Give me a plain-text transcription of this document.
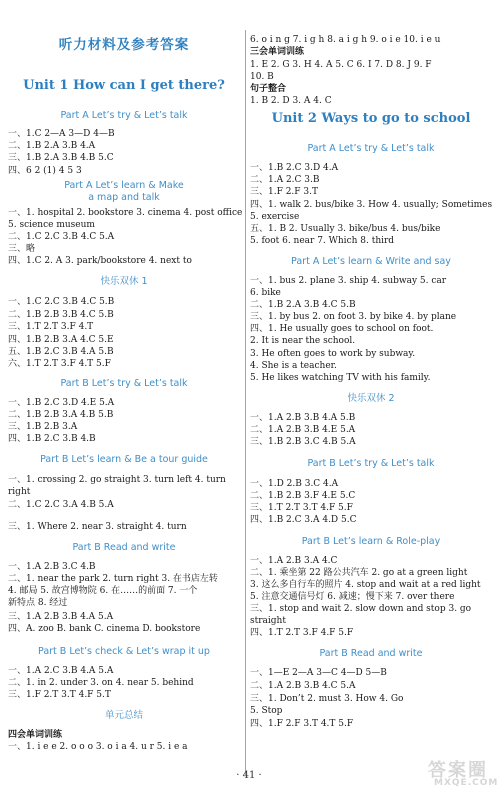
听力材料及参考答案
Unit 1 How can I get there?
Part A Let’s try & Let’s talk
一、1.C 2—A 3—D 4—B
二、1.B 2.A 3.B 4.A
三、1.B 2.A 3.B 4.B 5.C
四、6 2 (1) 4 5 3
Part A Let’s learn & Make
a map and talk
一、1. hospital 2. bookstore 3. cinema 4. post office
5. science museum
二、1.C 2.C 3.B 4.C 5.A
三、略
四、1.C 2. A 3. park/bookstore 4. next to
快乐双休 1
一、1.C 2.C 3.B 4.C 5.B
二、1.B 2.B 3.B 4.C 5.B
三、1.T 2.T 3.F 4.T
四、1.B 2.B 3.A 4.C 5.E
五、1.B 2.C 3.B 4.A 5.B
六、1.T 2.T 3.F 4.T 5.F
Part B Let’s try & Let’s talk
一、1.B 2.C 3.D 4.E 5.A
二、1.B 2.B 3.A 4.B 5.B
三、1.B 2.B 3.A
四、1.B 2.C 3.B 4.B
Part B Let’s learn & Be a tour guide
一、1. crossing 2. go straight 3. turn left 4. turn
right
二、1.C 2.C 3.A 4.B 5.A
三、1. Where 2. near 3. straight 4. turn
Part B Read and write
一、1.A 2.B 3.C 4.B
二、1. near the park 2. turn right 3. 在书店左转
4. 邮局 5. 故宫博物院 6. 在……的前面 7. 一个
新特点 8. 经过
三、1.A 2.B 3.B 4.A 5.A
四、A. zoo B. bank C. cinema D. bookstore
Part B Let’s check & Let’s wrap it up
一、1.A 2.C 3.B 4.A 5.A
二、1. in 2. under 3. on 4. near 5. behind
三、1.F 2.T 3.T 4.F 5.T
单元总结
四会单词训练
一、1. i e e 2. o o o 3. o i a 4. u r 5. i e a
6. o i n g 7. i g h 8. a i g h 9. o i e 10. i e u
三会单词训练
1. E 2. G 3. H 4. A 5. C 6. I 7. D 8. J 9. F
10. B
句子整合
1. B 2. D 3. A 4. C
Unit 2 Ways to go to school
Part A Let’s try & Let’s talk
一、1.B 2.C 3.D 4.A
二、1.A 2.C 3.B
三、1.F 2.F 3.T
四、1. walk 2. bus/bike 3. How 4. usually; Sometimes
5. exercise
五、1. B 2. Usually 3. bike/bus 4. bus/bike
5. foot 6. near 7. Which 8. third
Part A Let’s learn & Write and say
一、1. bus 2. plane 3. ship 4. subway 5. car
6. bike
二、1.B 2.A 3.B 4.C 5.B
三、1. by bus 2. on foot 3. by bike 4. by plane
四、1. He usually goes to school on foot.
2. It is near the school.
3. He often goes to work by subway.
4. She is a teacher.
5. He likes watching TV with his family.
快乐双休 2
一、1.A 2.B 3.B 4.A 5.B
二、1.A 2.B 3.B 4.E 5.A
三、1.B 2.B 3.C 4.B 5.A
Part B Let’s try & Let’s talk
一、1.D 2.B 3.C 4.A
二、1.B 2.B 3.F 4.E 5.C
三、1.T 2.T 3.T 4.F 5.F
四、1.B 2.C 3.A 4.D 5.C
Part B Let’s learn & Role-play
一、1.A 2.B 3.A 4.C
二、1. 乘坐第 22 路公共汽车 2. go at a green light
3. 这么多自行车的照片 4. stop and wait at a red light
5. 注意交通信号灯 6. 减速；慢下来 7. over there
三、1. stop and wait 2. slow down and stop 3. go
straight
四、1.T 2.T 3.F 4.F 5.F
Part B Read and write
一、1—E 2—A 3—C 4—D 5—B
二、1.A 2.B 3.B 4.C 5.A
三、1. Don’t 2. must 3. How 4. Go
5. Stop
四、1.F 2.F 3.T 4.T 5.F
· 41 ·	答案圈
MXQE.COM
